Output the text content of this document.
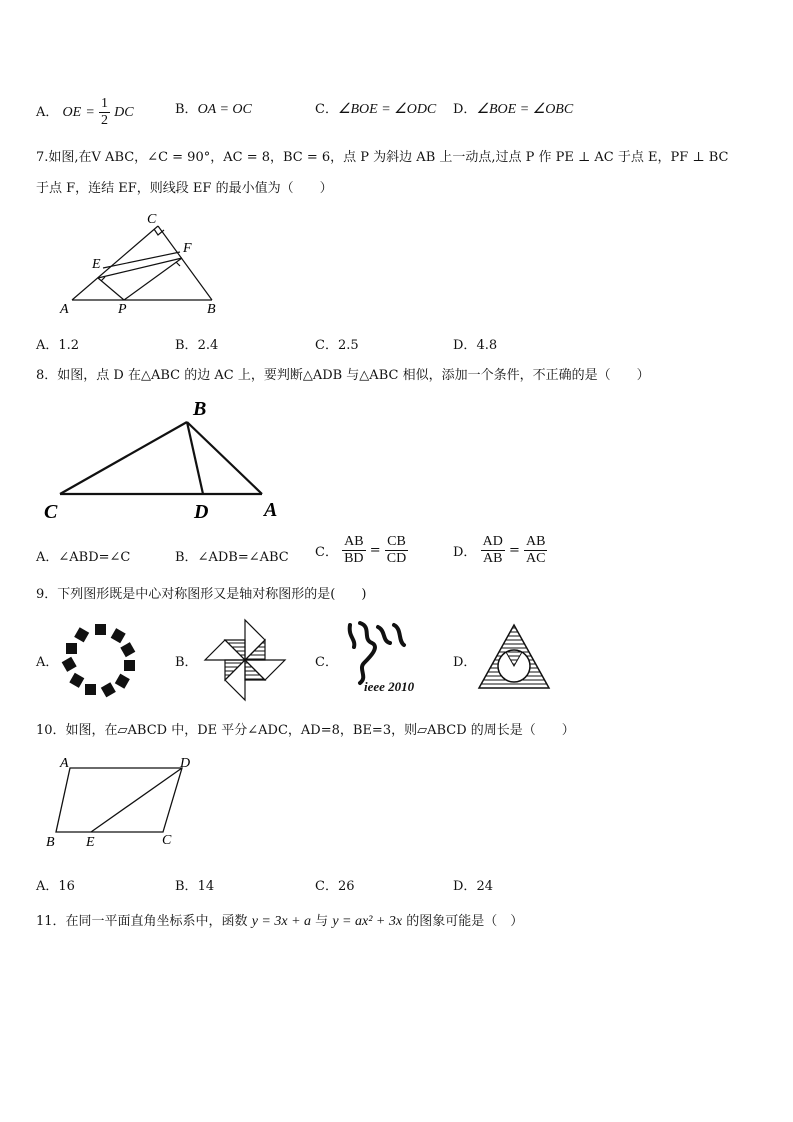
A． OE = $\frac{1}{2}$ DC	B．OA = OC	C．∠BOE = ∠ODC D．∠BOE = ∠OBC
7.如图,在V ABC，∠C = 90°，AC = 8，BC = 6，点 P 为斜边 AB 上一动点,过点 P 作 PE ⊥ AC 于点 E，PF ⊥ BC
于点 F，连结 EF，则线段 EF 的最小值为（　　）
C
F
E
A	P	B
A．1.2	B．2.4	C．2.5	D．4.8
8．如图，点 D 在△ABC 的边 AC 上，要判断△ADB 与△ABC 相似，添加一个条件，不正确的是（　　）
B
C	D	A
A．∠ABD=∠C	B．∠ADB=∠ABC C． $\frac{AB}{BD} = \frac{CB}{CD}$	D． $\frac{AD}{AB} = \frac{AB}{AC}$
9．下列图形既是中心对称图形又是轴对称图形的是(　　)
A．	B．	C．
ieee 2010
D．
10．如图，在▱ABCD 中，DE 平分∠ADC，AD=8，BE=3，则▱ABCD 的周长是（　　）
A	D
B E	C
A．16	B．14	C．26	D．24
11．在同一平面直角坐标系中，函数 y = 3x + a 与 y = ax² + 3x 的图象可能是（　）
